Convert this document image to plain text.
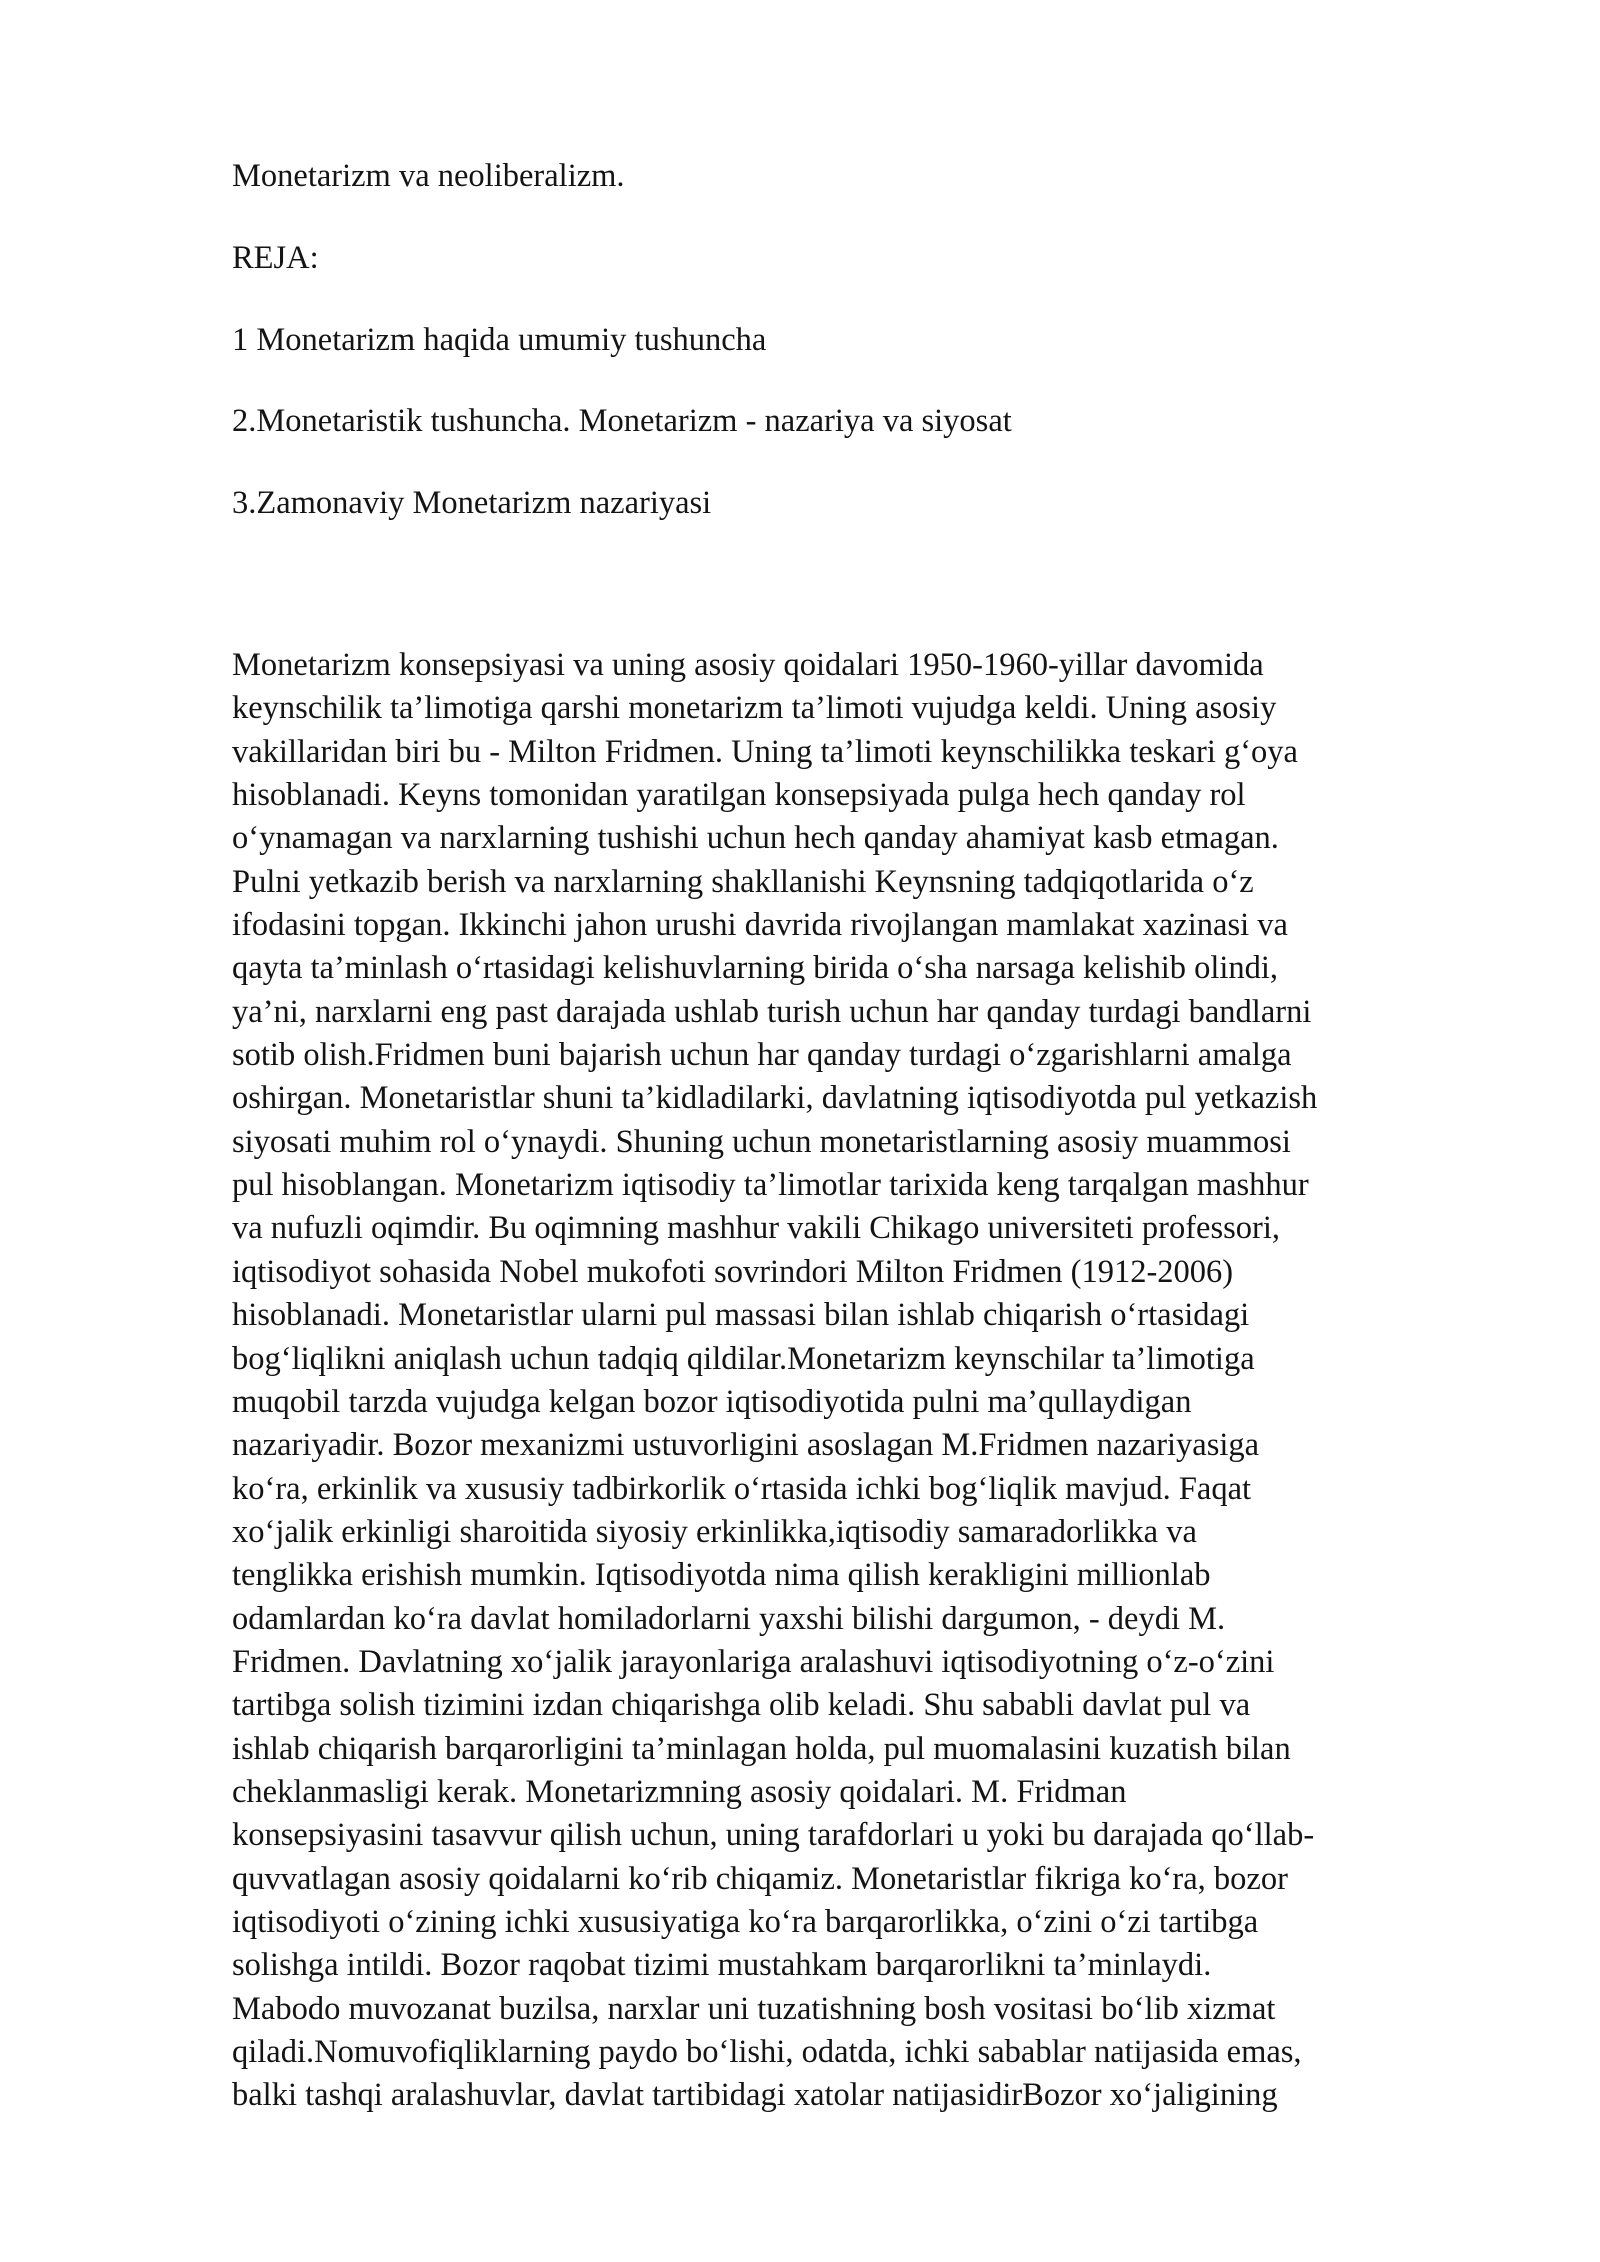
Monetarizm va neoliberalizm.
REJA:
1 Monetarizm haqida umumiy tushuncha
2.Monetaristik tushuncha. Monetarizm - nazariya va siyosat
3.Zamonaviy Monetarizm nazariyasi
Monetarizm konsepsiyasi va uning asosiy qoidalari 1950-1960-yillar davomida
keynschilik ta’limotiga qarshi monetarizm ta’limoti vujudga keldi. Uning asosiy
vakillaridan biri bu - Milton Fridmen. Uning ta’limoti keynschilikka teskari g‘oya
hisoblanadi. Keyns tomonidan yaratilgan konsepsiyada pulga hech qanday rol
o‘ynamagan va narxlarning tushishi uchun hech qanday ahamiyat kasb etmagan.
Pulni yetkazib berish va narxlarning shakllanishi Keynsning tadqiqotlarida o‘z
ifodasini topgan. Ikkinchi jahon urushi davrida rivojlangan mamlakat xazinasi va
qayta ta’minlash o‘rtasidagi kelishuvlarning birida o‘sha narsaga kelishib olindi,
ya’ni, narxlarni eng past darajada ushlab turish uchun har qanday turdagi bandlarni
sotib olish.Fridmen buni bajarish uchun har qanday turdagi o‘zgarishlarni amalga
oshirgan. Monetaristlar shuni ta’kidladilarki, davlatning iqtisodiyotda pul yetkazish
siyosati muhim rol o‘ynaydi. Shuning uchun monetaristlarning asosiy muammosi
pul hisoblangan. Monetarizm iqtisodiy ta’limotlar tarixida keng tarqalgan mashhur
va nufuzli oqimdir. Bu oqimning mashhur vakili Chikago universiteti professori,
iqtisodiyot sohasida Nobel mukofoti sovrindori Milton Fridmen (1912-2006)
hisoblanadi. Monetaristlar ularni pul massasi bilan ishlab chiqarish o‘rtasidagi
bog‘liqlikni aniqlash uchun tadqiq qildilar.Monetarizm keynschilar ta’limotiga
muqobil tarzda vujudga kelgan bozor iqtisodiyotida pulni ma’qullaydigan
nazariyadir. Bozor mexanizmi ustuvorligini asoslagan M.Fridmen nazariyasiga
ko‘ra, erkinlik va xususiy tadbirkorlik o‘rtasida ichki bog‘liqlik mavjud. Faqat
xo‘jalik erkinligi sharoitida siyosiy erkinlikka,iqtisodiy samaradorlikka va
tenglikka erishish mumkin. Iqtisodiyotda nima qilish kerakligini millionlab
odamlardan ko‘ra davlat homiladorlarni yaxshi bilishi dargumon, - deydi M.
Fridmen. Davlatning xo‘jalik jarayonlariga aralashuvi iqtisodiyotning o‘z-o‘zini
tartibga solish tizimini izdan chiqarishga olib keladi. Shu sababli davlat pul va
ishlab chiqarish barqarorligini ta’minlagan holda, pul muomalasini kuzatish bilan
cheklanmasligi kerak. Monetarizmning asosiy qoidalari. M. Fridman
konsepsiyasini tasavvur qilish uchun, uning tarafdorlari u yoki bu darajada qo‘llab-
quvvatlagan asosiy qoidalarni ko‘rib chiqamiz. Monetaristlar fikriga ko‘ra, bozor
iqtisodiyoti o‘zining ichki xususiyatiga ko‘ra barqarorlikka, o‘zini o‘zi tartibga
solishga intildi. Bozor raqobat tizimi mustahkam barqarorlikni ta’minlaydi.
Mabodo muvozanat buzilsa, narxlar uni tuzatishning bosh vositasi bo‘lib xizmat
qiladi.Nomuvofiqliklarning paydo bo‘lishi, odatda, ichki sabablar natijasida emas,
balki tashqi aralashuvlar, davlat tartibidagi xatolar natijasidirBozor xo‘jaligining
